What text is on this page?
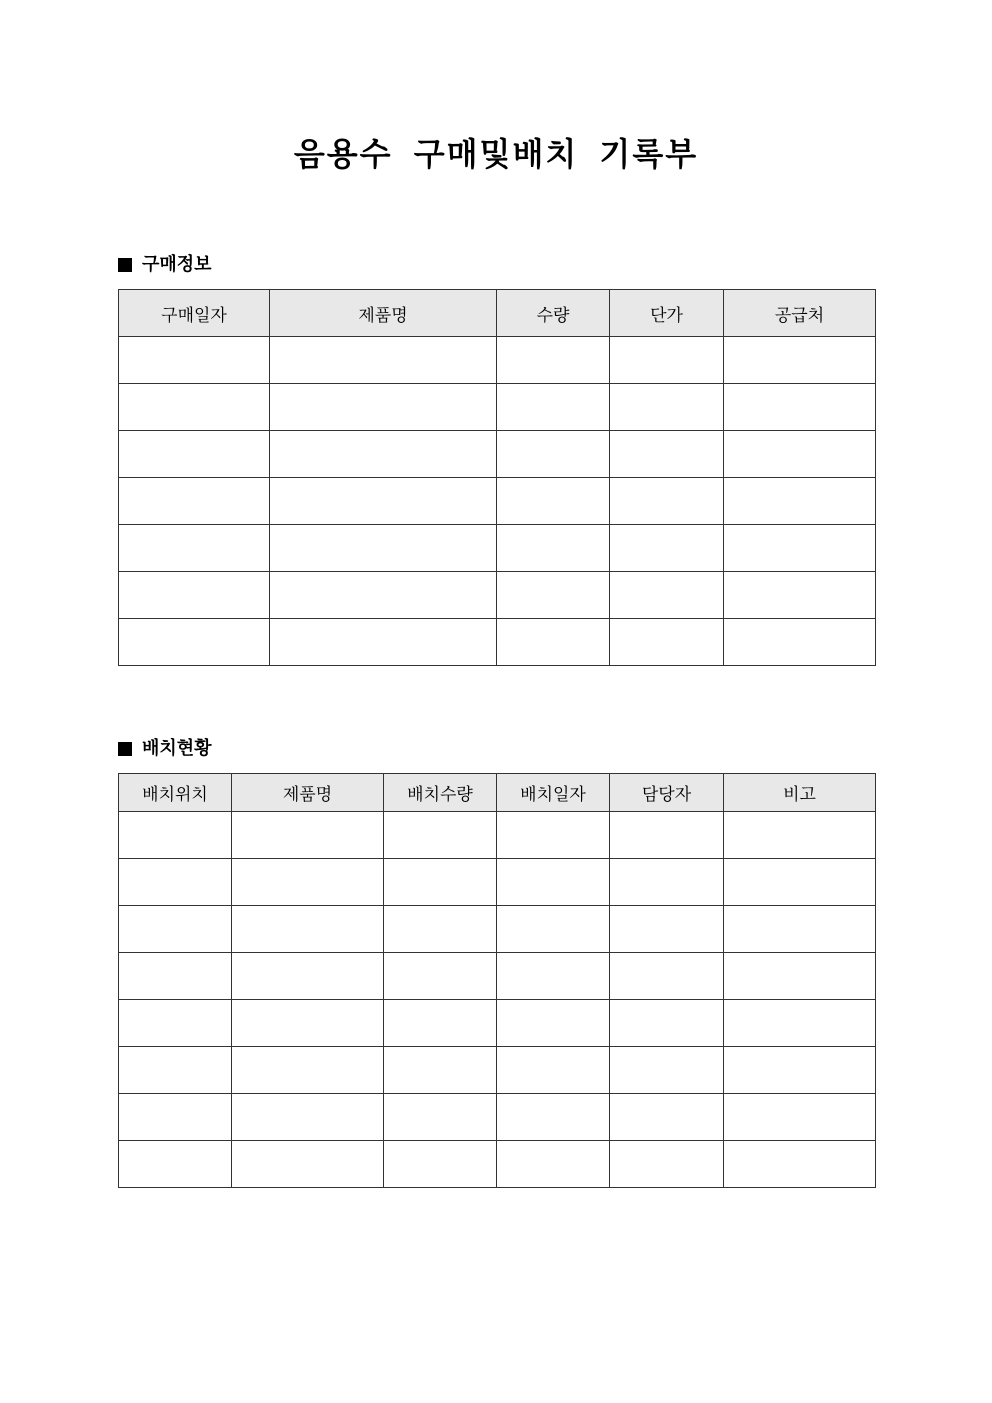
음용수 구매및배치 기록부
구매정보
구매일자	제품명	수량	단가	공급처

배치현황
배치위치	제품명	배치수량	배치일자	담당자	비고
